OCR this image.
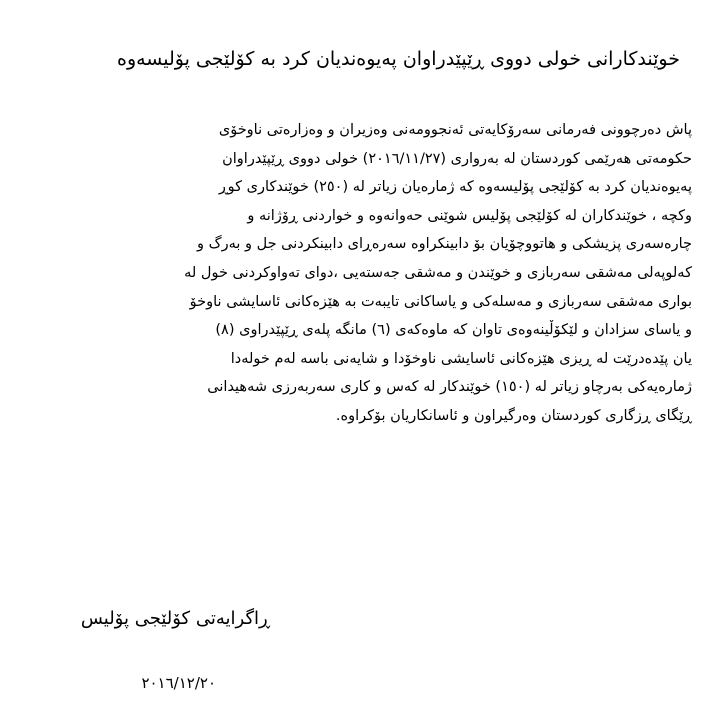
خوێندکارانی خولی دووی ڕێپێدراوان پەیوەندیان کرد بە کۆلێجی پۆلیسەوە
پاش دەرچوونی فەرمانی سەرۆکایەتی ئەنجوومەنی وەزیران و وەزارەتی ناوخۆی
حکومەتی هەرێمی کوردستان لە بەرواری (٢٠١٦/١١/٢٧) خولی دووی ڕێپێدراوان
پەیوەندیان کرد بە کۆلێجی پۆلیسەوە کە ژمارەیان زیاتر لە (٢٥٠) خوێندکاری کوڕ
وکچە ، خوێندکاران لە کۆلێجی پۆلیس شوێنی حەوانەوە و خواردنی ڕۆژانە و
چارەسەری پزیشکی و هاتووچۆیان بۆ دابینکراوە سەرەڕای دابینکردنی جل و بەرگ و
کەلوپەلی مەشقی سەربازی و خوێندن و مەشقی جەستەیی ،دوای تەواوکردنی خول لە
بواری مەشقی سەربازی و مەسلەکی و یاساکانی تایبەت بە هێزەکانی ئاسایشی ناوخۆ
و یاسای سزادان و لێکۆڵینەوەی تاوان کە ماوەکەی (٦) مانگە پلەی ڕێپێدراوی (٨)
یان پێدەدرێت لە ڕیزی هێزەکانی ئاسایشی ناوخۆدا و شایەنی باسە لەم خولەدا
ژمارەیەکی بەرچاو زیاتر لە (١٥٠) خوێندکار لە کەس و کاری سەربەرزی شەهیدانی
ڕێگای ڕزگاری کوردستان وەرگیراون و ئاسانکاریان بۆکراوە.
ڕاگرایەتی کۆلێجی پۆلیس
٢٠١٦/١٢/٢٠
